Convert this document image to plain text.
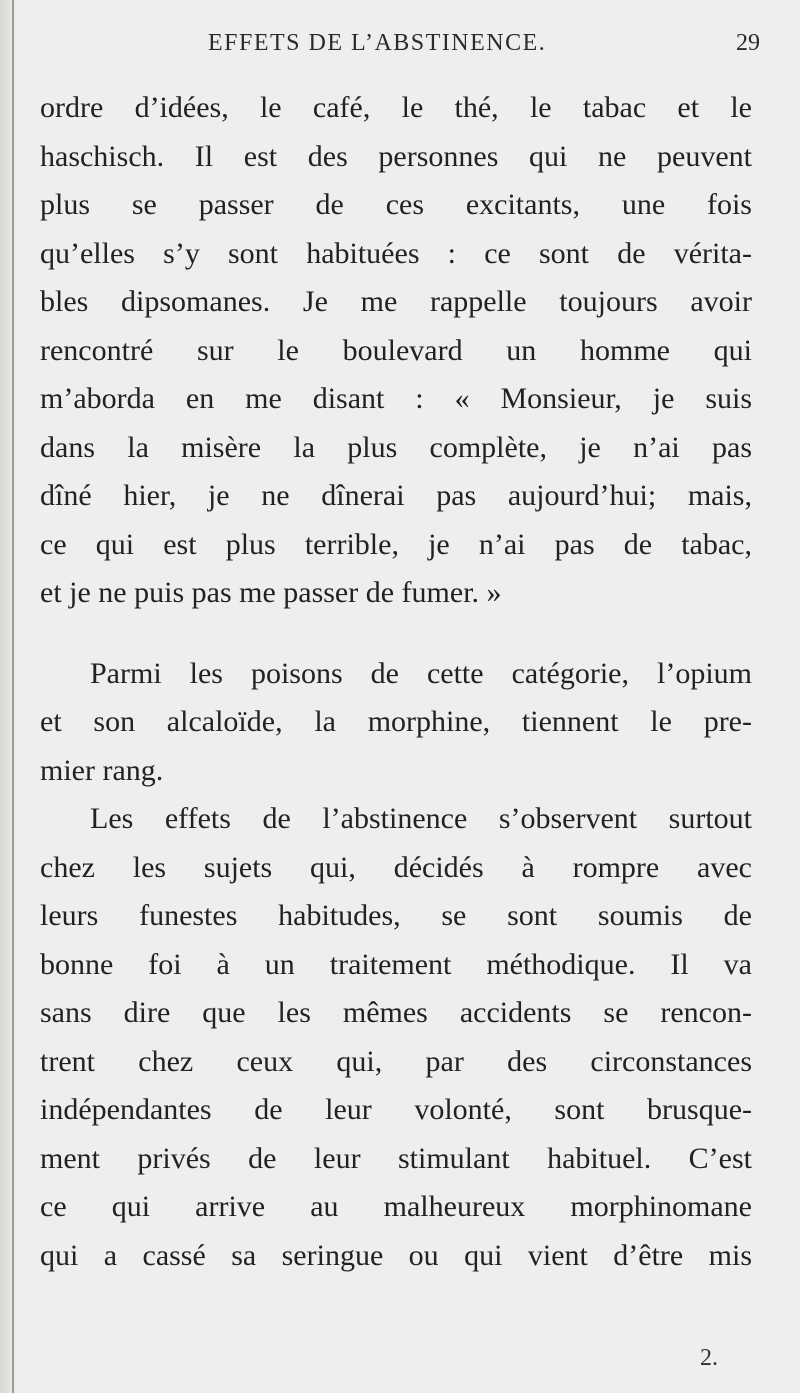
EFFETS DE L’ABSTINENCE.	29
ordre d’idées, le café, le thé, le tabac et le
haschisch. Il est des personnes qui ne peuvent
plus se passer de ces excitants, une fois
qu’elles s’y sont habituées : ce sont de vérita-
bles dipsomanes. Je me rappelle toujours avoir
rencontré sur le boulevard un homme qui
m’aborda en me disant : « Monsieur, je suis
dans la misère la plus complète, je n’ai pas
dîné hier, je ne dînerai pas aujourd’hui; mais,
ce qui est plus terrible, je n’ai pas de tabac,
et je ne puis pas me passer de fumer. »
Parmi les poisons de cette catégorie, l’opium
et son alcaloïde, la morphine, tiennent le pre-
mier rang.
Les effets de l’abstinence s’observent surtout
chez les sujets qui, décidés à rompre avec
leurs funestes habitudes, se sont soumis de
bonne foi à un traitement méthodique. Il va
sans dire que les mêmes accidents se rencon-
trent chez ceux qui, par des circonstances
indépendantes de leur volonté, sont brusque-
ment privés de leur stimulant habituel. C’est
ce qui arrive au malheureux morphinomane
qui a cassé sa seringue ou qui vient d’être mis
2.
